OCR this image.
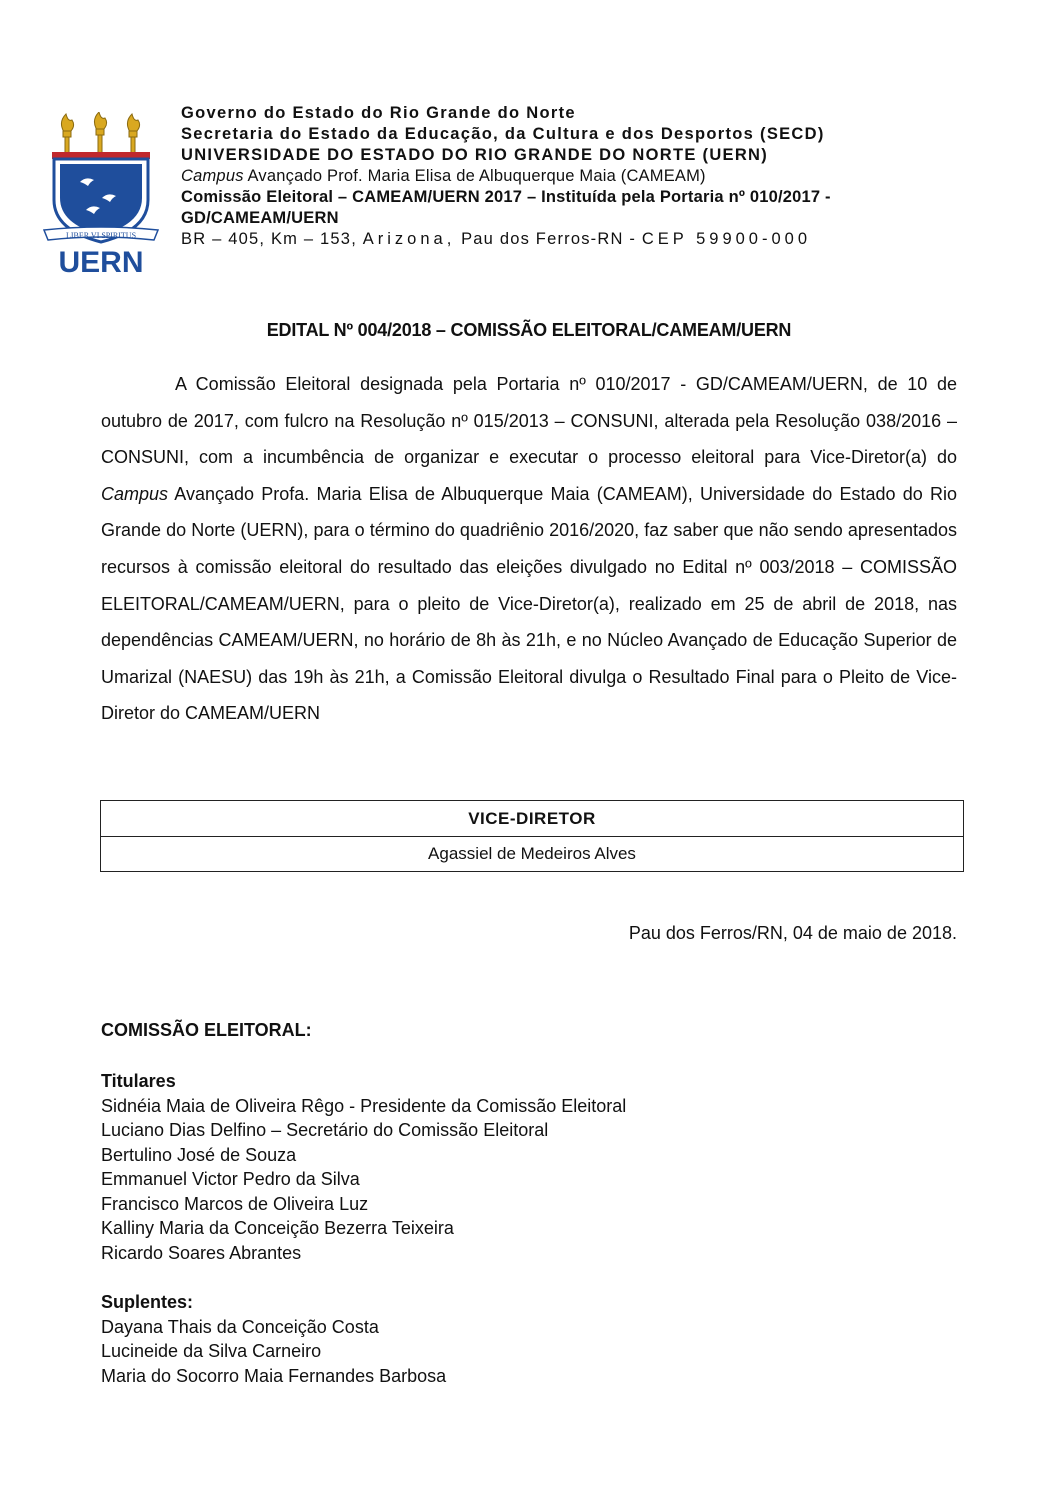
LIBER VI SPIRITUS
UERN
Governo do Estado do Rio Grande do Norte
Secretaria do Estado da Educação, da Cultura e dos Desportos (SECD)
UNIVERSIDADE DO ESTADO DO RIO GRANDE DO NORTE (UERN)
Campus Avançado Prof. Maria Elisa de Albuquerque Maia (CAMEAM)
Comissão Eleitoral – CAMEAM/UERN 2017 – Instituída pela Portaria nº 010/2017 -
GD/CAMEAM/UERN
BR – 405, Km – 153, Arizona, Pau dos Ferros-RN - CEP 59900-000
EDITAL Nº 004/2018 – COMISSÃO ELEITORAL/CAMEAM/UERN

A Comissão Eleitoral designada pela Portaria nº 010/2017 - GD/CAMEAM/UERN, de 10 de outubro de 2017, com fulcro na Resolução nº 015/2013 – CONSUNI, alterada pela Resolução 038/2016 – CONSUNI, com a incumbência de organizar e executar o processo eleitoral para Vice-Diretor(a) do Campus Avançado Profa. Maria Elisa de Albuquerque Maia (CAMEAM), Universidade do Estado do Rio Grande do Norte (UERN), para o término do quadriênio 2016/2020, faz saber que não sendo apresentados recursos à comissão eleitoral do resultado das eleições divulgado no Edital nº 003/2018 – COMISSÃO ELEITORAL/CAMEAM/UERN, para o pleito de Vice-Diretor(a), realizado em 25 de abril de 2018, nas dependências CAMEAM/UERN, no horário de 8h às 21h, e no Núcleo Avançado de Educação Superior de Umarizal (NAESU) das 19h às 21h, a Comissão Eleitoral divulga o Resultado Final para o Pleito de Vice-Diretor do CAMEAM/UERN

VICE-DIRETOR
Agassiel de Medeiros Alves
Pau dos Ferros/RN, 04 de maio de 2018.
COMISSÃO ELEITORAL:
Titulares
Sidnéia Maia de Oliveira Rêgo - Presidente da Comissão Eleitoral
Luciano Dias Delfino – Secretário do Comissão Eleitoral
Bertulino José de Souza
Emmanuel Victor Pedro da Silva
Francisco Marcos de Oliveira Luz
Kalliny Maria da Conceição Bezerra Teixeira
Ricardo Soares Abrantes
Suplentes:
Dayana Thais da Conceição Costa
Lucineide da Silva Carneiro
Maria do Socorro Maia Fernandes Barbosa
